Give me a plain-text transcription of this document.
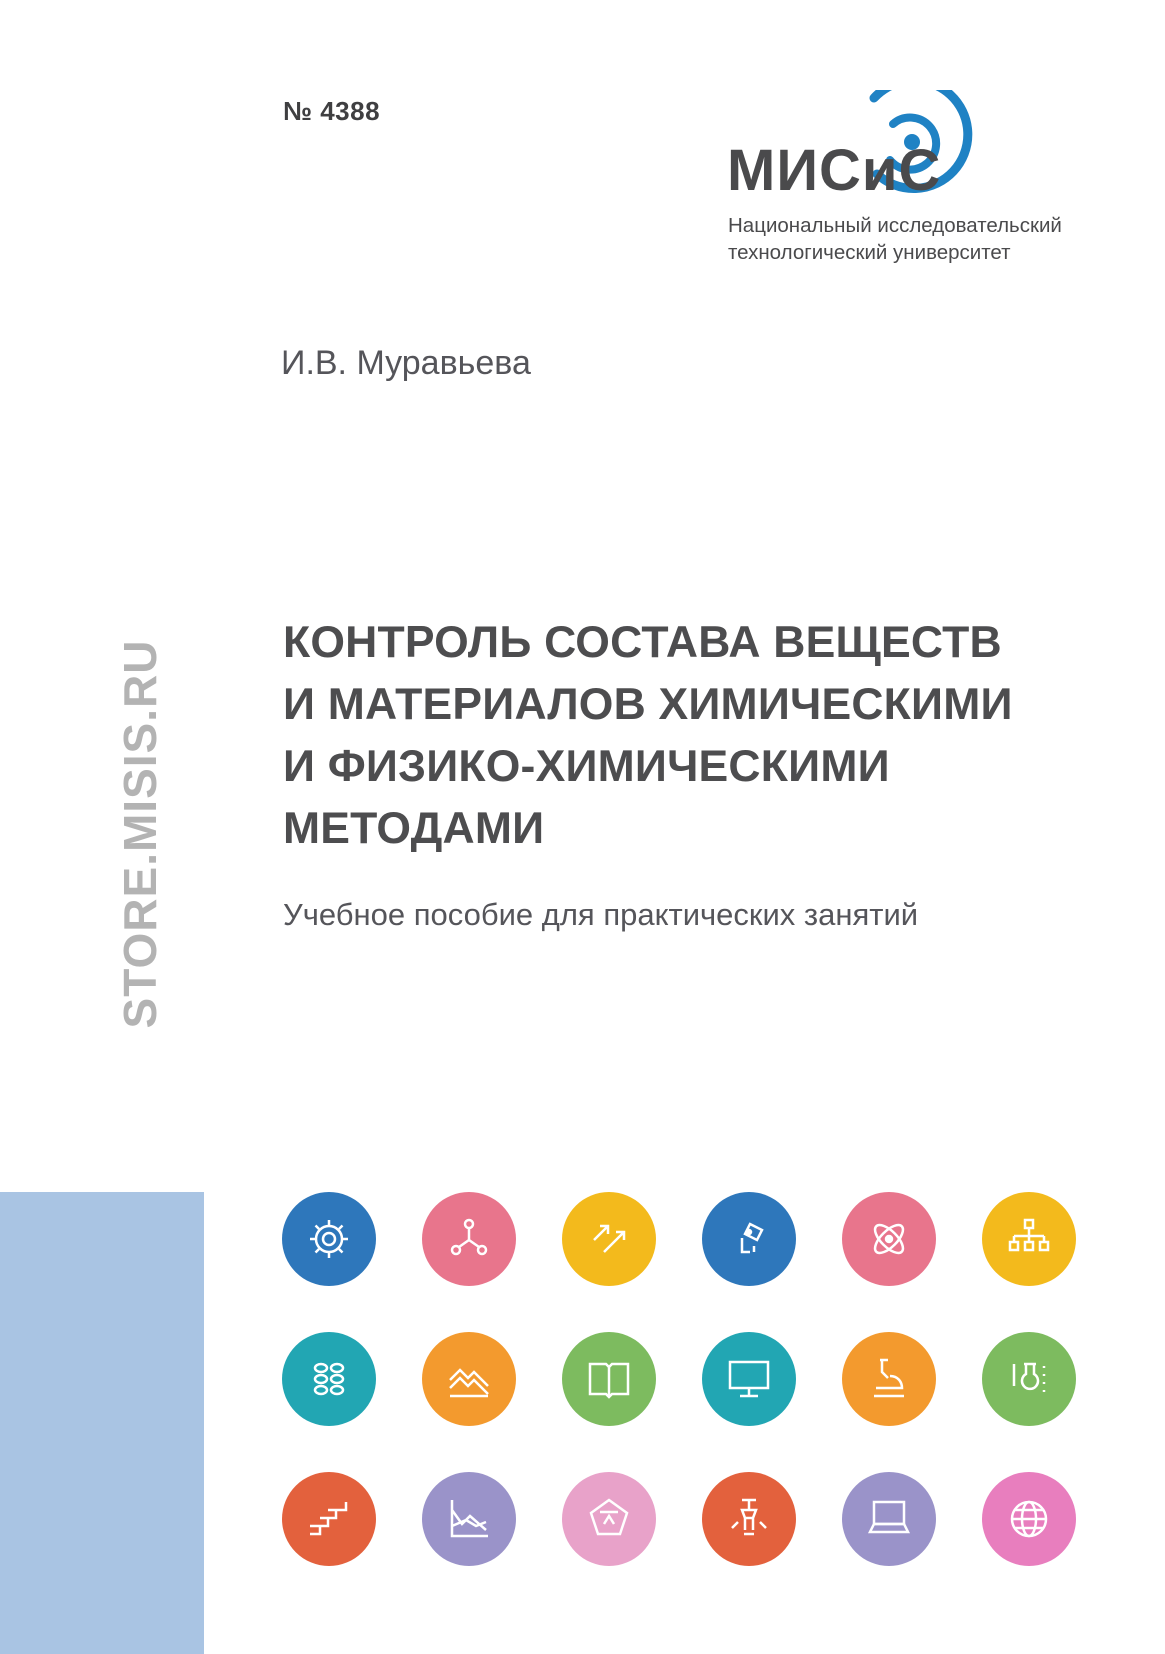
№ 4388
МИСиС
Национальный исследовательский
технологический университет
И.В. Муравьева
КОНТРОЛЬ СОСТАВА ВЕЩЕСТВ
И МАТЕРИАЛОВ ХИМИЧЕСКИМИ
И ФИЗИКО-ХИМИЧЕСКИМИ
МЕТОДАМИ
Учебное пособие для практических занятий
STORE.MISIS.RU
